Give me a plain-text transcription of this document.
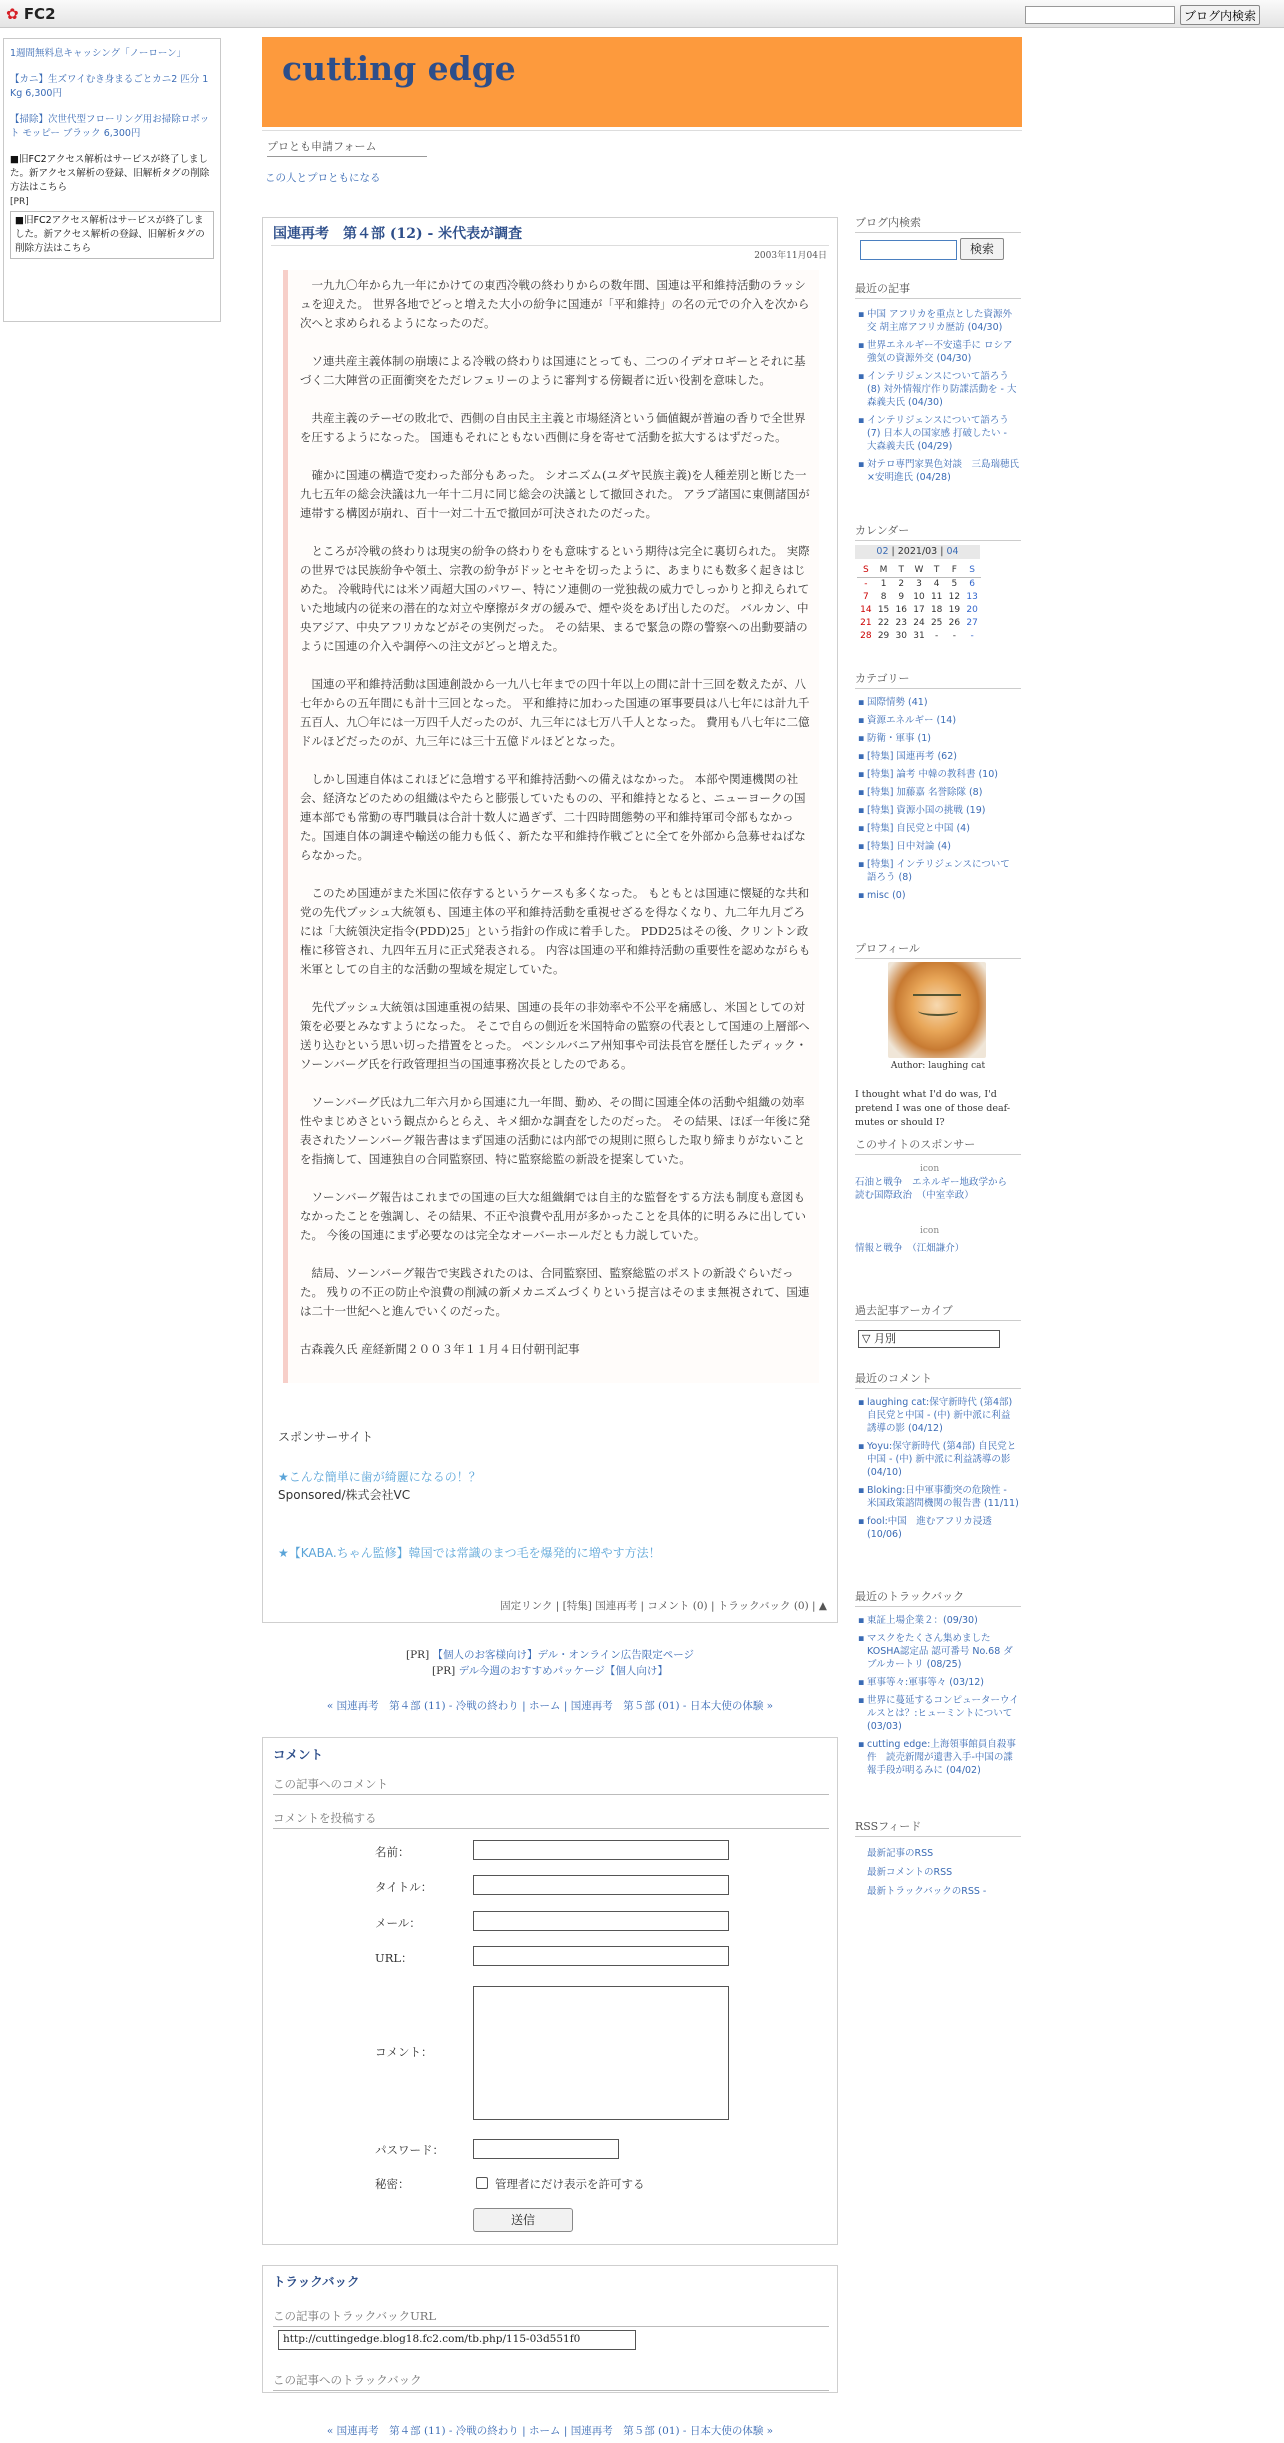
✿ FC2	ブログ内検索
1週間無料息キャッシング「ノーローン」
【カニ】生ズワイむき身まるごとカニ2 匹分 1 Kg 6,300円
【掃除】次世代型フローリング用お掃除ロボット モッピー ブラック 6,300円
■旧FC2アクセス解析はサービスが終了しました。新アクセス解析の登録、旧解析タグの削除方法はこちら
[PR]
■旧FC2アクセス解析はサービスが終了しました。新アクセス解析の登録、旧解析タグの削除方法はこちら
cutting edge
プロとも申請フォーム
この人とプロともになる
国連再考　第４部 (12) - 米代表が調査
2003年11月04日

一九九〇年から九一年にかけての東西冷戦の終わりからの数年間、国連は平和維持活動のラッシュを迎えた。 世界各地でどっと増えた大小の紛争に国連が「平和維持」の名の元での介入を次から次へと求められるようになったのだ。

ソ連共産主義体制の崩壊による冷戦の終わりは国連にとっても、二つのイデオロギーとそれに基づく二大陣営の正面衝突をただレフェリーのように審判する傍観者に近い役割を意味した。

共産主義のテーゼの敗北で、西側の自由民主主義と市場経済という価値観が普遍の香りで全世界を圧するようになった。 国連もそれにともない西側に身を寄せて活動を拡大するはずだった。

確かに国連の構造で変わった部分もあった。 シオニズム(ユダヤ民族主義)を人種差別と断じた一九七五年の総会決議は九一年十二月に同じ総会の決議として撤回された。 アラブ諸国に東側諸国が連帯する構図が崩れ、百十一対二十五で撤回が可決されたのだった。

ところが冷戦の終わりは現実の紛争の終わりをも意味するという期待は完全に裏切られた。 実際の世界では民族紛争や領土、宗教の紛争がドッとセキを切ったように、あまりにも数多く起きはじめた。 冷戦時代には米ソ両超大国のパワー、特にソ連側の一党独裁の威力でしっかりと抑えられていた地域内の従来の潜在的な対立や摩擦がタガの緩みで、煙や炎をあげ出したのだ。 バルカン、中央アジア、中央アフリカなどがその実例だった。 その結果、まるで緊急の際の警察への出動要請のように国連の介入や調停への注文がどっと増えた。

国連の平和維持活動は国連創設から一九八七年までの四十年以上の間に計十三回を数えたが、八七年からの五年間にも計十三回となった。 平和維持に加わった国連の軍事要員は八七年には計九千五百人、九〇年には一万四千人だったのが、九三年には七万八千人となった。 費用も八七年に二億ドルほどだったのが、九三年には三十五億ドルほどとなった。

しかし国連自体はこれほどに急増する平和維持活動への備えはなかった。 本部や関連機関の社会、経済などのための組織はやたらと膨張していたものの、平和維持となると、ニューヨークの国連本部でも常勤の専門職員は合計十数人に過ぎず、二十四時間態勢の平和維持軍司令部もなかった。国連自体の調達や輸送の能力も低く、新たな平和維持作戦ごとに全てを外部から急募せねばならなかった。

このため国連がまた米国に依存するというケースも多くなった。 もともとは国連に懐疑的な共和党の先代ブッシュ大統領も、国連主体の平和維持活動を重視せざるを得なくなり、九二年九月ごろには「大統領決定指令(PDD)25」という指針の作成に着手した。 PDD25はその後、クリントン政権に移管され、九四年五月に正式発表される。 内容は国連の平和維持活動の重要性を認めながらも米軍としての自主的な活動の聖域を規定していた。

先代ブッシュ大統領は国連重視の結果、国連の長年の非効率や不公平を痛感し、米国としての対策を必要とみなすようになった。 そこで自らの側近を米国特命の監察の代表として国連の上層部へ送り込むという思い切った措置をとった。 ペンシルバニア州知事や司法長官を歴任したディック・ソーンバーグ氏を行政管理担当の国連事務次長としたのである。

ソーンバーグ氏は九二年六月から国連に九一年間、勤め、その間に国連全体の活動や組織の効率性やまじめさという観点からとらえ、キメ細かな調査をしたのだった。 その結果、ほぼ一年後に発表されたソーンバーグ報告書はまず国連の活動には内部での規則に照らした取り締まりがないことを指摘して、国連独自の合同監察団、特に監察総監の新設を提案していた。

ソーンバーグ報告はこれまでの国連の巨大な組織網では自主的な監督をする方法も制度も意図もなかったことを強調し、その結果、不正や浪費や乱用が多かったことを具体的に明るみに出していた。 今後の国連にまず必要なのは完全なオーバーホールだとも力説していた。

結局、ソーンバーグ報告で実践されたのは、合同監察団、監察総監のポストの新設ぐらいだった。 残りの不正の防止や浪費の削減の新メカニズムづくりという提言はそのまま無視されて、国連は二十一世紀へと進んでいくのだった。

古森義久氏 産経新聞２００３年１１月４日付朝刊記事

スポンサーサイト
★こんな簡単に歯が綺麗になるの！？
Sponsored/株式会社VC
★【KABA.ちゃん監修】韓国では常識のまつ毛を爆発的に増やす方法！
固定リンク | [特集] 国連再考 | コメント (0) | トラックバック (0) | ▲
[PR] 【個人のお客様向け】デル・オンライン広告限定ページ
[PR] デル今週のおすすめパッケージ【個人向け】
« 国連再考　第４部 (11) - 冷戦の終わり | ホーム | 国連再考　第５部 (01) - 日本大使の体験 »
コメント
この記事へのコメント
コメントを投稿する
名前：
タイトル：
メール：
URL：
コメント：
パスワード：
秘密：	管理者にだけ表示を許可する
送信
トラックバック
この記事のトラックバックURL
http://cuttingedge.blog18.fc2.com/tb.php/115-03d551f0
この記事へのトラックバック
« 国連再考　第４部 (11) - 冷戦の終わり | ホーム | 国連再考　第５部 (01) - 日本大使の体験 »
ブログ内検索
検索
最近の記事
▪ 中国 アフリカを重点とした資源外交 胡主席アフリカ歴訪 (04/30)
▪ 世界エネルギー不安遠手に ロシア強気の資源外交 (04/30)
▪ インテリジェンスについて語ろう(8) 対外情報庁作り防諜活動を - 大森義夫氏 (04/30)
▪ インテリジェンスについて語ろう(7) 日本人の国家感 打破したい - 大森義夫氏 (04/29)
▪ 対テロ専門家異色対談　三島瑞穂氏×安明進氏 (04/28)
カレンダー
02 | 2021/03 | 04
S	M	T	W	T	F	S
-	1	2	3	4	5	6
7	8	9	10	11	12	13
14	15	16	17	18	19	20
21	22	23	24	25	26	27
28	29	30	31	-	-	-
カテゴリー
▪ 国際情勢 (41)
▪ 資源エネルギー (14)
▪ 防衛・軍事 (1)
▪ [特集] 国連再考 (62)
▪ [特集] 論考 中韓の教科書 (10)
▪ [特集] 加藤嘉 名誉除隊 (8)
▪ [特集] 資源小国の挑戦 (19)
▪ [特集] 自民党と中国 (4)
▪ [特集] 日中対論 (4)
▪ [特集] インテリジェンスについて語ろう (8)
▪ misc (0)
プロフィール
Author: laughing cat
I thought what I'd do was, I'd pretend I was one of those deaf-mutes or should I?
このサイトのスポンサー
icon
石油と戦争　エネルギー地政学から読む国際政治　（中室幸政）
icon
情報と戦争　（江畑謙介）
過去記事アーカイブ
▽ 月別
最近のコメント
▪ laughing cat:保守新時代 (第4部) 自民党と中国 - (中) 新中派に利益誘導の影 (04/12)
▪ Yoyu:保守新時代 (第4部) 自民党と中国 - (中) 新中派に利益誘導の影 (04/10)
▪ Bloking:日中軍事衝突の危険性 - 米国政策諮問機関の報告書 (11/11)
▪ fool:中国　進むアフリカ浸透 (10/06)
最近のトラックバック
▪ 東証上場企業２：(09/30)
▪ マスクをたくさん集めましたKOSHA認定品 認可番号 No.68 ダブルカートリ (08/25)
▪ 軍事等々:軍事等々 (03/12)
▪ 世界に蔓延するコンピューターウイルスとは？:ヒューミントについて (03/03)
▪ cutting edge:上海領事館員自殺事件　読売新聞が遺書入手-中国の諜報手段が明るみに (04/02)
RSSフィード
最新記事のRSS
最新コメントのRSS
最新トラックバックのRSS -
